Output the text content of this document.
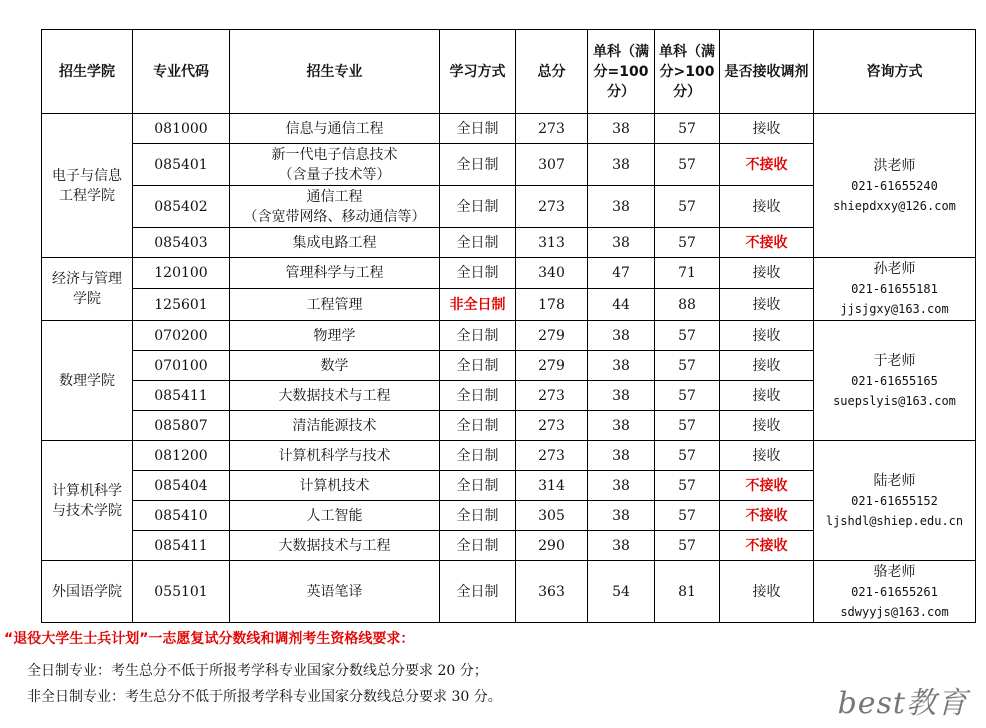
招生学院	专业代码	招生专业	学习方式	总分	单科（满分=100分）	单科（满分>100分）	是否接收调剂	咨询方式
电子与信息工程学院	081000	信息与通信工程	全日制	273	38	57	接收	洪老师
021-61655240
shiepdxxy@126.com

	085401	新一代电子信息技术
（含量子技术等）	全日制	307	38	57	不接收	
	085402	通信工程
（含宽带网络、移动通信等）	全日制	273	38	57	接收	
	085403	集成电路工程	全日制	313	38	57	不接收	
经济与管理学院	120100	管理科学与工程	全日制	340	47	71	接收	孙老师
021-61655181
jjsjgxy@163.com

	125601	工程管理	非全日制	178	44	88	接收	
数理学院	070200	物理学	全日制	279	38	57	接收	于老师
021-61655165
suepslyis@163.com

	070100	数学	全日制	279	38	57	接收	
	085411	大数据技术与工程	全日制	273	38	57	接收	
	085807	清洁能源技术	全日制	273	38	57	接收	
计算机科学与技术学院	081200	计算机科学与技术	全日制	273	38	57	接收	陆老师
021-61655152
ljshdl@shiep.edu.cn

	085404	计算机技术	全日制	314	38	57	不接收	
	085410	人工智能	全日制	305	38	57	不接收	
	085411	大数据技术与工程	全日制	290	38	57	不接收	
外国语学院	055101	英语笔译	全日制	363	54	81	接收	骆老师
021-61655261
sdwyyjs@163.com
“退役大学生士兵计划”一志愿复试分数线和调剂考生资格线要求：
全日制专业：考生总分不低于所报考学科专业国家分数线总分要求 20 分；
非全日制专业：考生总分不低于所报考学科专业国家分数线总分要求 30 分。	best教育
